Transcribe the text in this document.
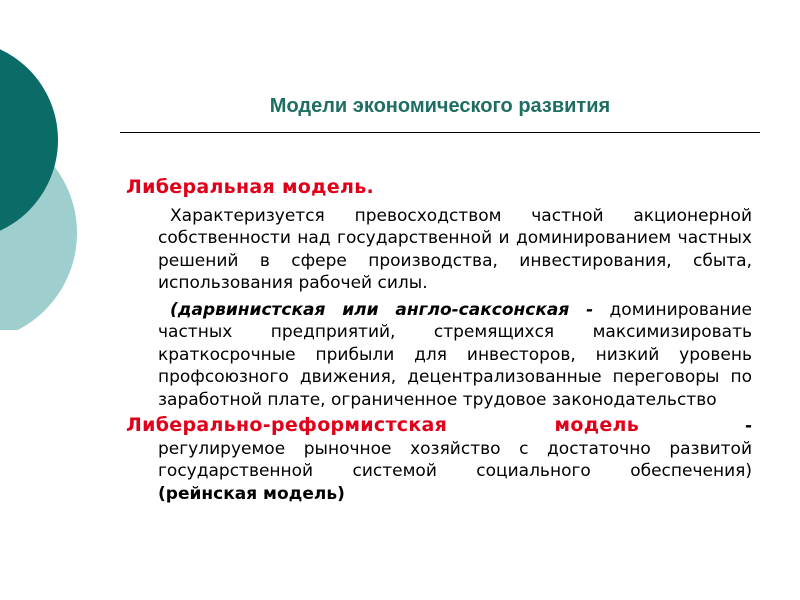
Модели экономического развития
Либеральная модель.
Характеризуется превосходством частной акционерной собственности над государственной и доминированием частных решений в сфере производства, инвестирования, сбыта, использования рабочей силы.
(дарвинистская или англо-саксонская - доминирование частных предприятий, стремящихся максимизировать краткосрочные прибыли для инвесторов, низкий уровень профсоюзного движения, децентрализованные переговоры по заработной плате, ограниченное трудовое законодательство
Либерально-реформистская модель	-
регулируемое рыночное хозяйство с достаточно развитой государственной системой социального обеспечения) (рейнская модель)
